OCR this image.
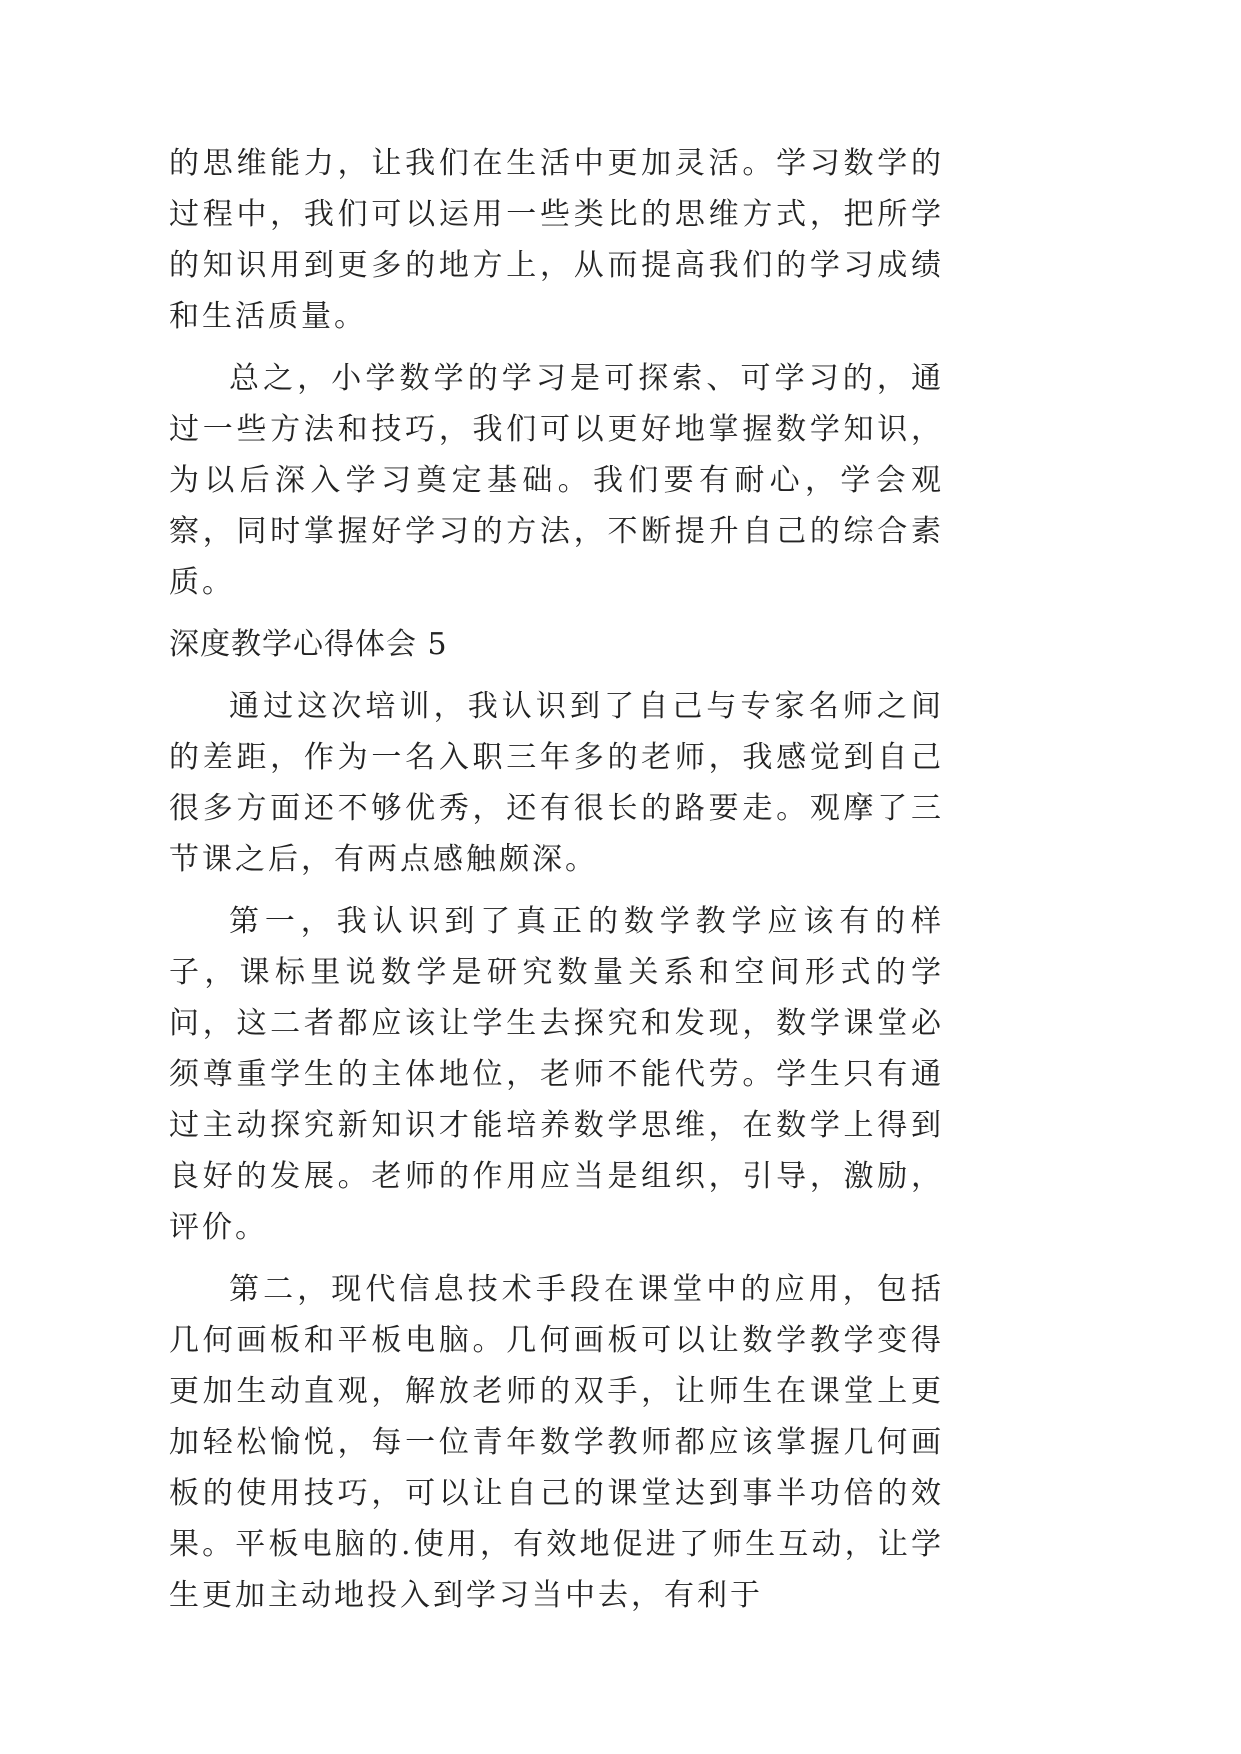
的思维能力，让我们在生活中更加灵活。学习数学的过程中，我们可以运用一些类比的思维方式，把所学的知识用到更多的地方上，从而提高我们的学习成绩和生活质量。

总之，小学数学的学习是可探索、可学习的，通过一些方法和技巧，我们可以更好地掌握数学知识，为以后深入学习奠定基础。我们要有耐心，学会观察，同时掌握好学习的方法，不断提升自己的综合素质。

深度教学心得体会 5

通过这次培训，我认识到了自己与专家名师之间的差距，作为一名入职三年多的老师，我感觉到自己很多方面还不够优秀，还有很长的路要走。观摩了三节课之后，有两点感触颇深。

第一，我认识到了真正的数学教学应该有的样子，课标里说数学是研究数量关系和空间形式的学问，这二者都应该让学生去探究和发现，数学课堂必须尊重学生的主体地位，老师不能代劳。学生只有通过主动探究新知识才能培养数学思维，在数学上得到良好的发展。老师的作用应当是组织，引导，激励，评价。

第二，现代信息技术手段在课堂中的应用，包括几何画板和平板电脑。几何画板可以让数学教学变得更加生动直观，解放老师的双手，让师生在课堂上更加轻松愉悦，每一位青年数学教师都应该掌握几何画板的使用技巧，可以让自己的课堂达到事半功倍的效果。平板电脑的.使用，有效地促进了师生互动，让学生更加主动地投入到学习当中去，有利于
